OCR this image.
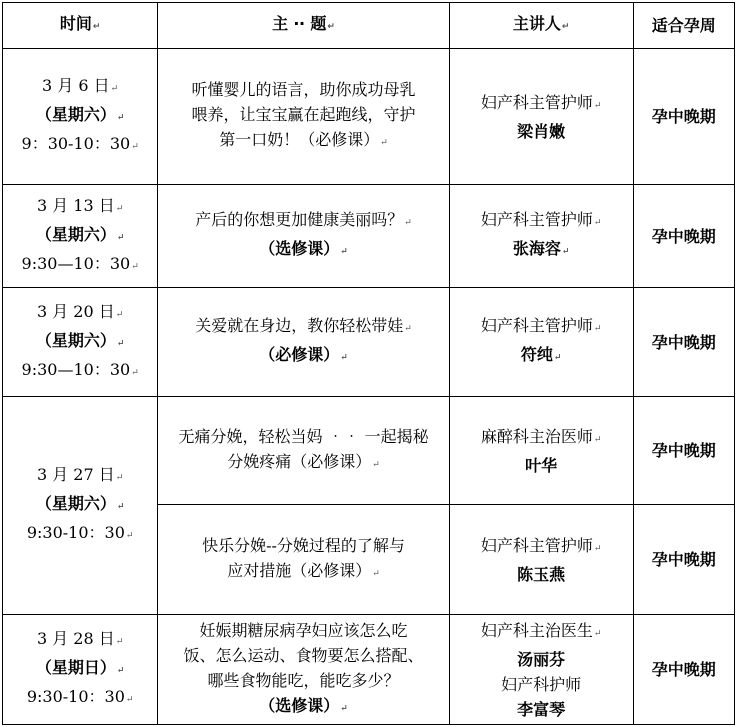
时间↵	主 ‧‧ 题↵	主讲人↵	适合孕周

3 月 6 日↵
（星期六）↵
9：30-10：30↵	听懂婴儿的语言，助你成功母乳
喂养，让宝宝赢在起跑线，守护
第一口奶！（必修课）↵	妇产科主管护师↵
梁肖嫩	孕中晚期

3 月 13 日↵
（星期六）↵
9:30—10：30↵	产后的你想更加健康美丽吗？↵
（选修课）↵	妇产科主管护师↵
张海容↵	孕中晚期

3 月 20 日↵
（星期六）↵
9:30—10：30↵	关爱就在身边，教你轻松带娃↵
（必修课）↵	妇产科主管护师↵
符纯↵	孕中晚期

3 月 27 日↵
（星期六）↵
9:30-10：30↵	无痛分娩，轻松当妈 ‧‧ 一起揭秘
分娩疼痛（必修课）↵	麻醉科主治医师↵
叶华	孕中晚期

	快乐分娩--分娩过程的了解与
应对措施（必修课）↵	妇产科主管护师↵
陈玉燕	孕中晚期

3 月 28 日↵
（星期日）↵
9:30-10：30↵	妊娠期糖尿病孕妇应该怎么吃
饭、怎么运动、食物要怎么搭配、
哪些食物能吃，能吃多少？
（选修课）↵	妇产科主治医生↵
汤丽芬
妇产科护师
李富琴	孕中晚期
